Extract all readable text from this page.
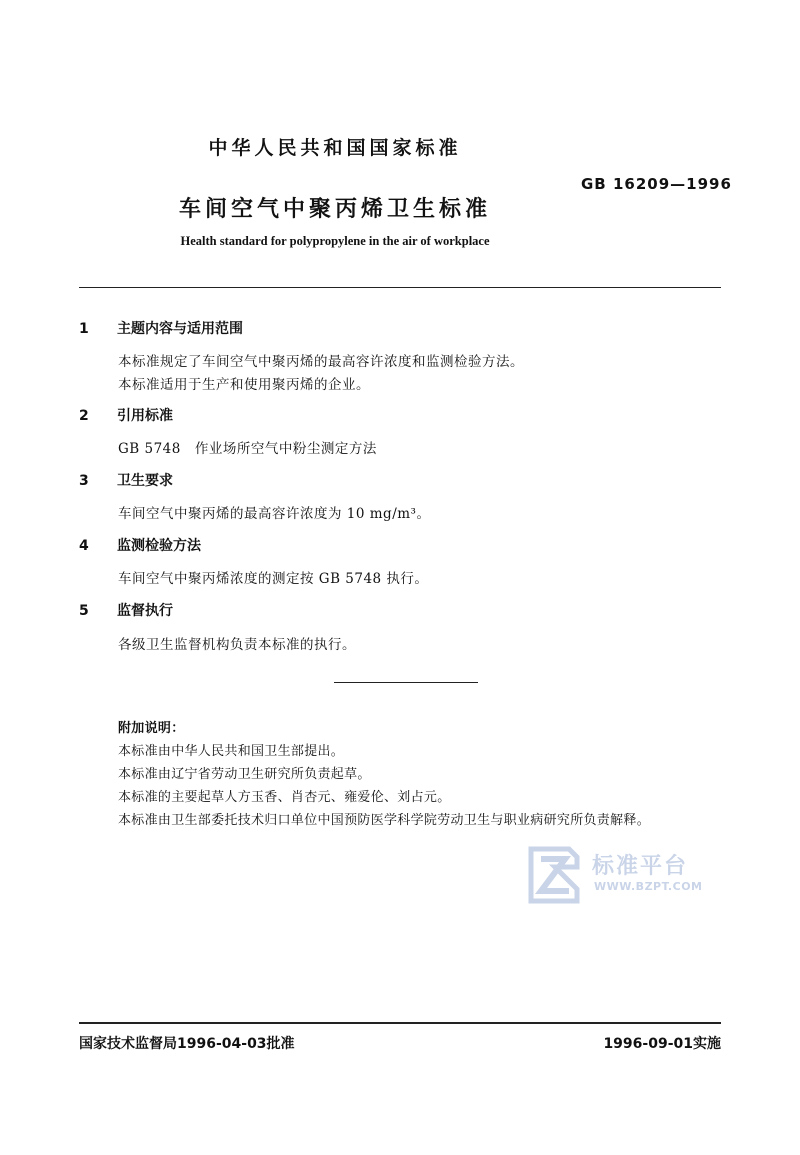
中华人民共和国国家标准
GB 16209—1996
车间空气中聚丙烯卫生标准
Health standard for polypropylene in the air of workplace
1 主题内容与适用范围
本标准规定了车间空气中聚丙烯的最高容许浓度和监测检验方法。
本标准适用于生产和使用聚丙烯的企业。
2 引用标准
GB 5748　作业场所空气中粉尘测定方法
3 卫生要求
车间空气中聚丙烯的最高容许浓度为 10 mg/m³。
4 监测检验方法
车间空气中聚丙烯浓度的测定按 GB 5748 执行。
5 监督执行
各级卫生监督机构负责本标准的执行。
附加说明：
本标准由中华人民共和国卫生部提出。
本标准由辽宁省劳动卫生研究所负责起草。
本标准的主要起草人方玉香、肖杏元、雍爱伦、刘占元。
本标准由卫生部委托技术归口单位中国预防医学科学院劳动卫生与职业病研究所负责解释。
标准平台
WWW.BZPT.COM
国家技术监督局1996-04-03批准	1996-09-01实施
